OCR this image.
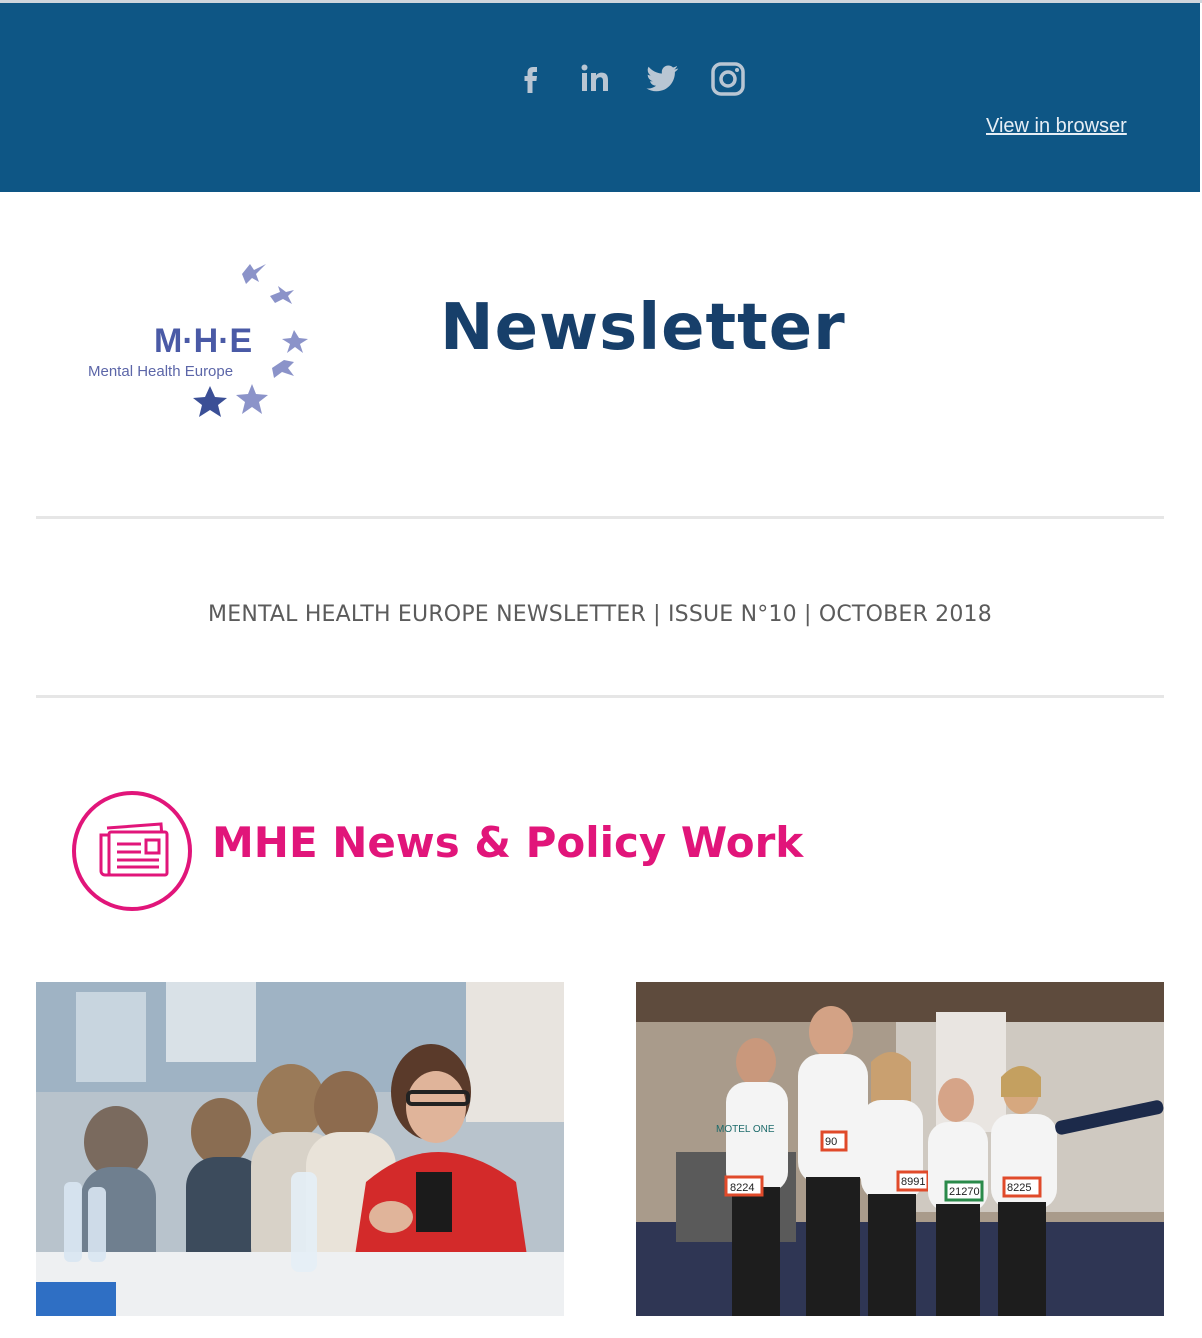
View in browser
M·H·E
Mental Health Europe
Newsletter
MENTAL HEALTH EUROPE NEWSLETTER | ISSUE N°10 | OCTOBER 2018
MHE News & Policy Work
8224
90
8991
21270 8225
MOTEL ONE
